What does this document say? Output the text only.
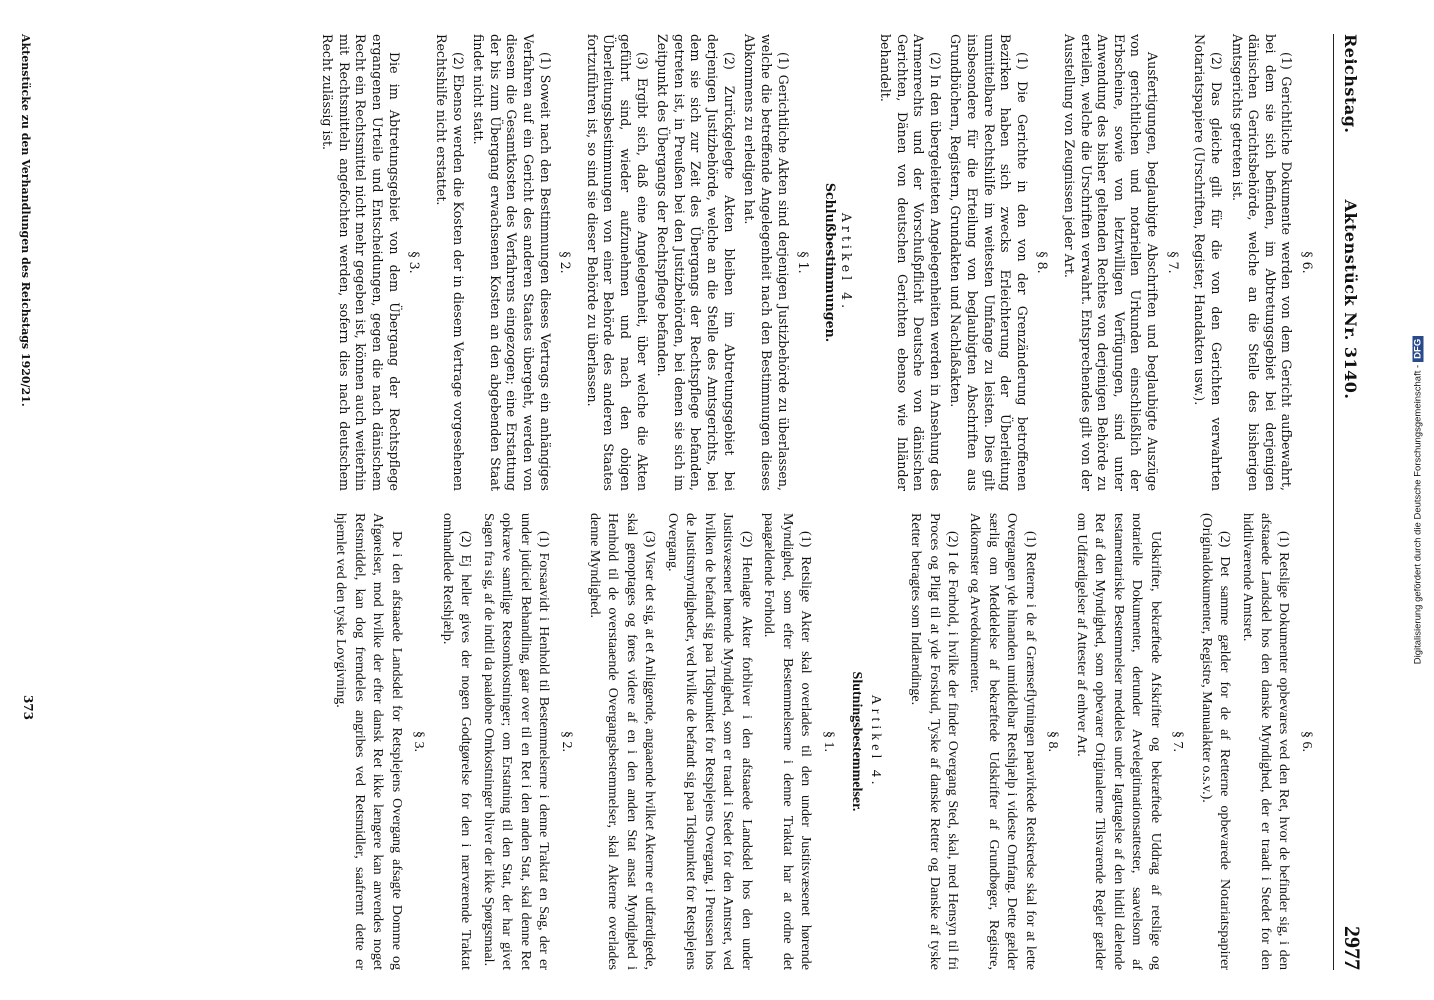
Reichstag. Aktenstück Nr. 3140.
2977
§ 6.

(1) Gerichtliche Dokumente werden von dem Gericht aufbewahrt, bei dem sie sich befinden, im Abtretungsgebiet bei derjenigen dänischen Gerichtsbehörde, welche an die Stelle des bisherigen Amtsgerichts getreten ist.

(2) Das gleiche gilt für die von den Gerichten verwahrten Notariatspapiere (Urschriften, Register, Handakten usw.).

§ 7.

Ausfertigungen, beglaubigte Abschriften und beglaubigte Auszüge von gerichtlichen und notariellen Urkunden einschließlich der Erbscheine, sowie von letztwilligen Verfügungen, sind unter Anwendung des bisher geltenden Rechtes von derjenigen Behörde zu erteilen, welche die Urschriften verwahrt. Entsprechendes gilt von der Ausstellung von Zeugnissen jeder Art.

§ 8.

(1) Die Gerichte in den von der Grenzänderung betroffenen Bezirken haben sich zwecks Erleichterung der Überleitung unmittelbare Rechtshilfe im weitesten Umfange zu leisten. Dies gilt insbesondere für die Erteilung von beglaubigten Abschriften aus Grundbüchern, Registern, Grundakten und Nachlaßakten.

(2) In den übergeleiteten Angelegenheiten werden in Ansehung des Armenrechts und der Vorschußpflicht Deutsche von dänischen Gerichten, Dänen von deutschen Gerichten ebenso wie Inländer behandelt.

Artikel 4.
Schlußbestimmungen.
§ 1.

(1) Gerichtliche Akten sind derjenigen Justizbehörde zu überlassen, welche die betreffende Angelegenheit nach den Bestimmungen dieses Abkommens zu erledigen hat.

(2) Zurückgelegte Akten bleiben im Abtretungsgebiet bei derjenigen Justizbehörde, welche an die Stelle des Amtsgerichts, bei dem sie sich zur Zeit des Übergangs der Rechtspflege befanden, getreten ist, in Preußen bei den Justizbehörden, bei denen sie sich im Zeitpunkt des Übergangs der Rechtspflege befanden.

(3) Ergibt sich, daß eine Angelegenheit, über welche die Akten geführt sind, wieder aufzunehmen und nach den obigen Überleitungsbestimmungen von einer Behörde des anderen Staates fortzuführen ist, so sind sie dieser Behörde zu überlassen.

§ 2.

(1) Soweit nach den Bestimmungen dieses Vertrags ein anhängiges Verfahren auf ein Gericht des anderen Staates übergeht, werden von diesem die Gesamtkosten des Verfahrens eingezogen; eine Erstattung der bis zum Übergang erwachsenen Kosten an den abgebenden Staat findet nicht statt.

(2) Ebenso werden die Kosten der in diesem Vertrage vorgesehenen Rechtshilfe nicht erstattet.

§ 3.

Die im Abtretungsgebiet von dem Übergang der Rechtspflege ergangenen Urteile und Entscheidungen, gegen die nach dänischem Recht ein Rechtsmittel nicht mehr gegeben ist, können auch weiterhin mit Rechtsmitteln angefochten werden, sofern dies nach deutschem Recht zulässig ist.

§ 6.

(1) Retslige Dokumenter opbevares ved den Ret, hvor de befinder sig, i den afstaaede Landsdel hos den danske Myndighed, der er traadt i Stedet for den hidtilværende Amtsret.

(2) Det samme gælder for de af Retterne opbevarede Notariatspapirer (Originaldokumenter, Registre, Manualakter o.s.v.).

§ 7.

Udskrifter, bekræftede Afskrifter og bekræftede Uddrag af retslige og notarielle Dokumenter, derunder Arvelegitimationsattester, saavelsom af testamentariske Bestemmelser meddeles under Iagttagelse af den hidtil dælende Ret af den Myndighed, som opbevarer Originalerne Tilsvarende Regler gælder om Udfærdigelser af Attester af enhver Art.

§ 8.

(1) Retterne i de af Grænseflytningen paavirkede Retskredse skal for at lette Overgangen yde hinanden umiddelbar Retshjælp i videste Omfang. Dette gælder særlig om Meddelelse af bekræftede Udskrifter af Grundbøger, Registre, Adkomster og Arvedokumenter.

(2) I de Forhold, i hvilke der finder Overgang Sted, skal, med Hensyn til fri Proces og Pligt til at yde Forskud, Tyske af danske Retter og Danske af tyske Retter betragtes som Indlændinge.

Artikel 4.
Slutningsbestemmelser.
§ 1.

(1) Retslige Akter skal overlades til den under Justitsvæsenet hørende Myndighed, som efter Bestemmelserne i denne Traktat har at ordne det paagældende Forhold.

(2) Henlagte Akter forbliver i den afstaaede Landsdel hos den under Justitsvæsenet hørende Myndighed, som er traadt i Stedet for den Amtsret, ved hvilken de befandt sig paa Tidspunktet for Retsplejens Overgang, i Preussen hos de Justitsmyndigheder, ved hvilke de befandt sig paa Tidspunktet for Retsplejens Overgang.

(3) Viser det sig, at et Anliggende, angaaende hvilket Akterne er udfærdigede, skal genoptages og føres videre af en i den anden Stat ansat Myndighed i Henhold til de overstaaende Overgangsbestemmelser, skal Akterne overlades denne Myndighed.

§ 2.

(1) Forsaavidt i Henhold til Bestemmelserne i denne Traktat en Sag, der er under judiciel Behandling, gaar over til en Ret i den anden Stat, skal denne Ret opkræve samtlige Retsomkostninger; om Erstatning til den Stat, der har givet Sagen fra sig, af de indtil da paaløbne Omkostninger bliver der ikke Spørgsmaal.

(2) Ej heller gives der nogen Godtgørelse for den i nærværende Traktat omhandlede Retshjælp.

§ 3.

De i den afstaaede Landsdel for Retsplejens Overgang afsagte Domme og Afgørelser, mod hvilke der efter dansk Ret ikke længere kan anvendes noget Retsmiddel, kan dog fremdeles angribes ved Retsmidler, saafremt dette er hjemlet ved den tyske Lovgivning.

Aktenstücke zu den Verhandlungen des Reichstags 1920/21.
373
Digitalisierung gefördert durch die Deutsche Forschungsgemeinschaft -DFG
